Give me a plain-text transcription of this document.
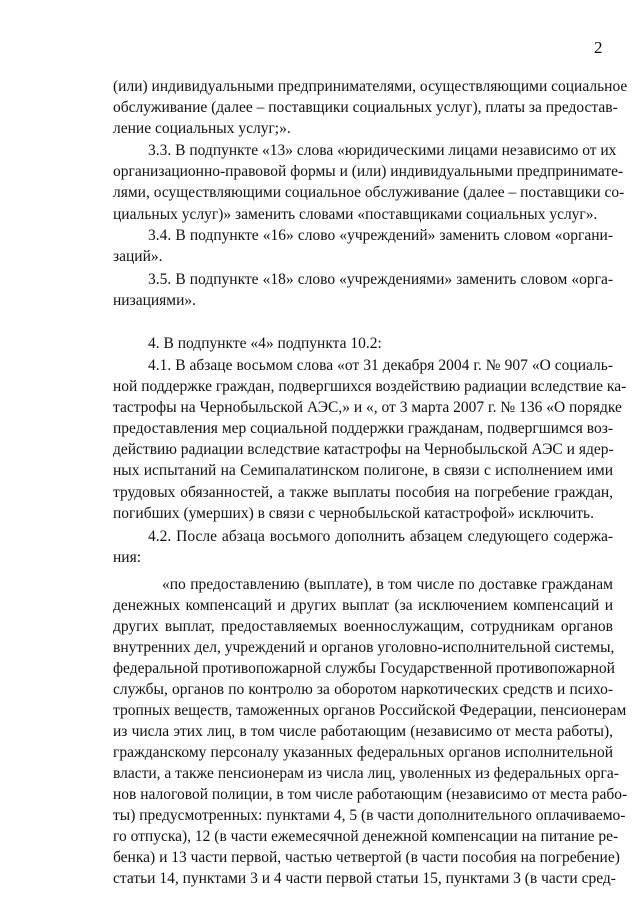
2
(или) индивидуальными предпринимателями, осуществляющими социальное
обслуживание (далее – поставщики социальных услуг), платы за предостав-
ление социальных услуг;».
3.3. В подпункте «13» слова «юридическими лицами независимо от их
организационно-правовой формы и (или) индивидуальными предпринимате-
лями, осуществляющими социальное обслуживание (далее – поставщики со-
циальных услуг)» заменить словами «поставщиками социальных услуг».
3.4. В подпункте «16» слово «учреждений» заменить словом «органи-
заций».
3.5. В подпункте «18» слово «учреждениями» заменить словом «орга-
низациями».
4. В подпункте «4» подпункта 10.2:
4.1. В абзаце восьмом слова «от 31 декабря 2004 г. № 907 «О социаль-
ной поддержке граждан, подвергшихся воздействию радиации вследствие ка-
тастрофы на Чернобыльской АЭС,» и «, от 3 марта 2007 г. № 136 «О порядке
предоставления мер социальной поддержки гражданам, подвергшимся воз-
действию радиации вследствие катастрофы на Чернобыльской АЭС и ядер-
ных испытаний на Семипалатинском полигоне, в связи с исполнением ими
трудовых обязанностей, а также выплаты пособия на погребение граждан,
погибших (умерших) в связи с чернобыльской катастрофой» исключить.
4.2. После абзаца восьмого дополнить абзацем следующего содержа-
ния:
«по предоставлению (выплате), в том числе по доставке гражданам
денежных компенсаций и других выплат (за исключением компенсаций и
других выплат, предоставляемых военнослужащим, сотрудникам органов
внутренних дел, учреждений и органов уголовно-исполнительной системы,
федеральной противопожарной службы Государственной противопожарной
службы, органов по контролю за оборотом наркотических средств и психо-
тропных веществ, таможенных органов Российской Федерации, пенсионерам
из числа этих лиц, в том числе работающим (независимо от места работы),
гражданскому персоналу указанных федеральных органов исполнительной
власти, а также пенсионерам из числа лиц, уволенных из федеральных орга-
нов налоговой полиции, в том числе работающим (независимо от места рабо-
ты) предусмотренных: пунктами 4, 5 (в части дополнительного оплачиваемо-
го отпуска), 12 (в части ежемесячной денежной компенсации на питание ре-
бенка) и 13 части первой, частью четвертой (в части пособия на погребение)
статьи 14, пунктами 3 и 4 части первой статьи 15, пунктами 3 (в части сред-
